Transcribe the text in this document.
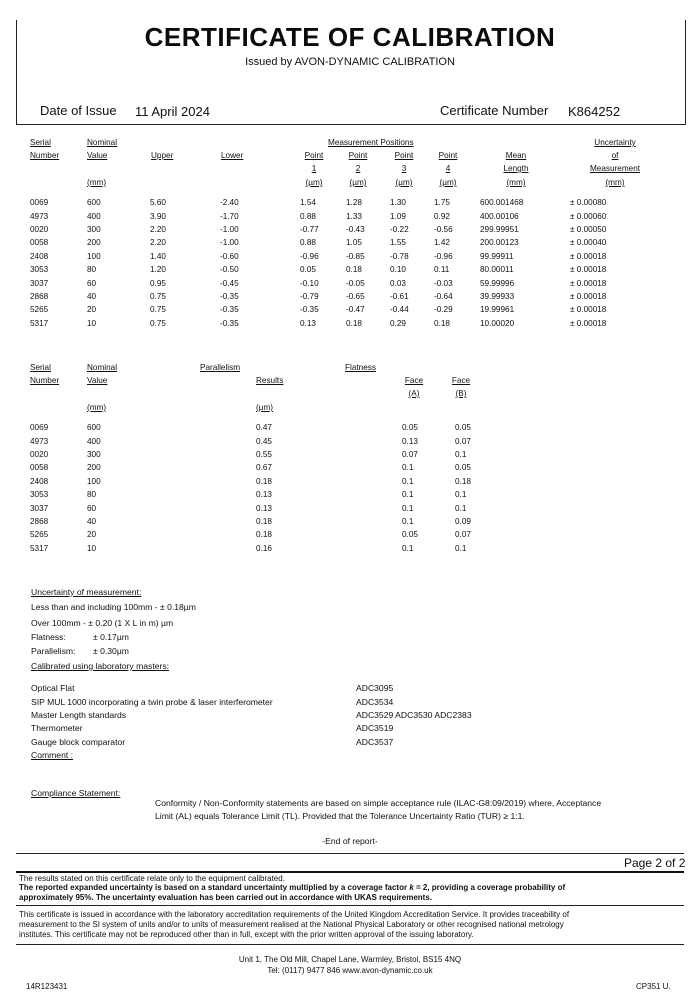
CERTIFICATE OF CALIBRATION
Issued by AVON-DYNAMIC CALIBRATION
Date of Issue 11 April 2024	Certificate Number K864252
Serial
Number
Nominal
Value
(mm)
Upper	Lower
Measurement Positions
Point	Point	Point	Point
1	2	3	4
(µm)	(µm)	(µm)	(µm)
Mean
Length
(mm)
Uncertainty
of
Measurement
(mm)
0069	600	5.60	-2.40	1.54		1.28		1.30		1.75		600.001468	± 0.00080
4973	400	3.90	-1.70	0.88		1.33		1.09		0.92		400.00106	± 0.00060
0020	300	2.20	-1.00	-0.77		-0.43		-0.22		-0.56		299.99951	± 0.00050
0058	200	2.20	-1.00	0.88		1.05		1.55		1.42		200.00123	± 0.00040
2408	100	1.40	-0.60	-0.96		-0.85		-0.78		-0.96		99.99911	± 0.00018
3053	80	1.20	-0.50	0.05		0.18		0.10		0.11		80.00011	± 0.00018
3037	60	0.95	-0.45	-0.10		-0.05		0.03		-0.03		59.99996	± 0.00018
2868	40	0.75	-0.35	-0.79		-0.65		-0.61		-0.64		39.99933	± 0.00018
5265	20	0.75	-0.35	-0.35		-0.47		-0.44		-0.29		19.99961	± 0.00018
5317	10	0.75	-0.35	0.13		0.18		0.29		0.18		10.00020	± 0.00018
Serial
Number
Nominal
Value
(mm)
Parallelism
Results
(µm)
Flatness
Face	Face
(A)	(B)
0069	600	0.47		0.05		0.05
4973	400	0.45		0.13		0.07
0020	300	0.55		0.07		0.1
0058	200	0.67		0.1		0.05
2408	100	0.18		0.1		0.18
3053	80	0.13		0.1		0.1
3037	60	0.13		0.1		0.1
2868	40	0.18		0.1		0.09
5265	20	0.18		0.05		0.07
5317	10	0.16		0.1		0.1
Uncertainty of measurement:
Less than and including 100mm - ± 0.18µm
Over 100mm - ± 0.20 (1 X L in m) µm
Flatness:	± 0.17µm
Parallelism: ± 0.30µm
Calibrated using laboratory masters:
Optical Flat	ADC3095
SIP MUL 1000 incorporating a twin probe & laser interferometer	ADC3534
Master Length standards	ADC3529 ADC3530 ADC2383
Thermometer	ADC3519
Gauge block comparator	ADC3537
Comment :
Compliance Statement:
Conformity / Non-Conformity statements are based on simple acceptance rule (ILAC-G8:09/2019) where, Acceptance
Limit (AL) equals Tolerance Limit (TL). Provided that the Tolerance Uncertainty Ratio (TUR) ≥ 1:1.
-End of report-
Page 2 of 2
The results stated on this certificate relate only to the equipment calibrated.
The reported expanded uncertainty is based on a standard uncertainty multiplied by a coverage factor k = 2, providing a coverage probability of
approximately 95%. The uncertainty evaluation has been carried out in accordance with UKAS requirements.
This certificate is issued in accordance with the laboratory accreditation requirements of the United Kingdom Accreditation Service. It provides traceability of
measurement to the SI system of units and/or to units of measurement realised at the National Physical Laboratory or other recognised national metrology
institutes. This certificate may not be reproduced other than in full, except with the prior written approval of the issuing laboratory.
Unit 1, The Old Mill, Chapel Lane, Warmley, Bristol, BS15 4NQ
Tel: (0117) 9477 846 www.avon-dynamic.co.uk
14R123431	CP351 U.
